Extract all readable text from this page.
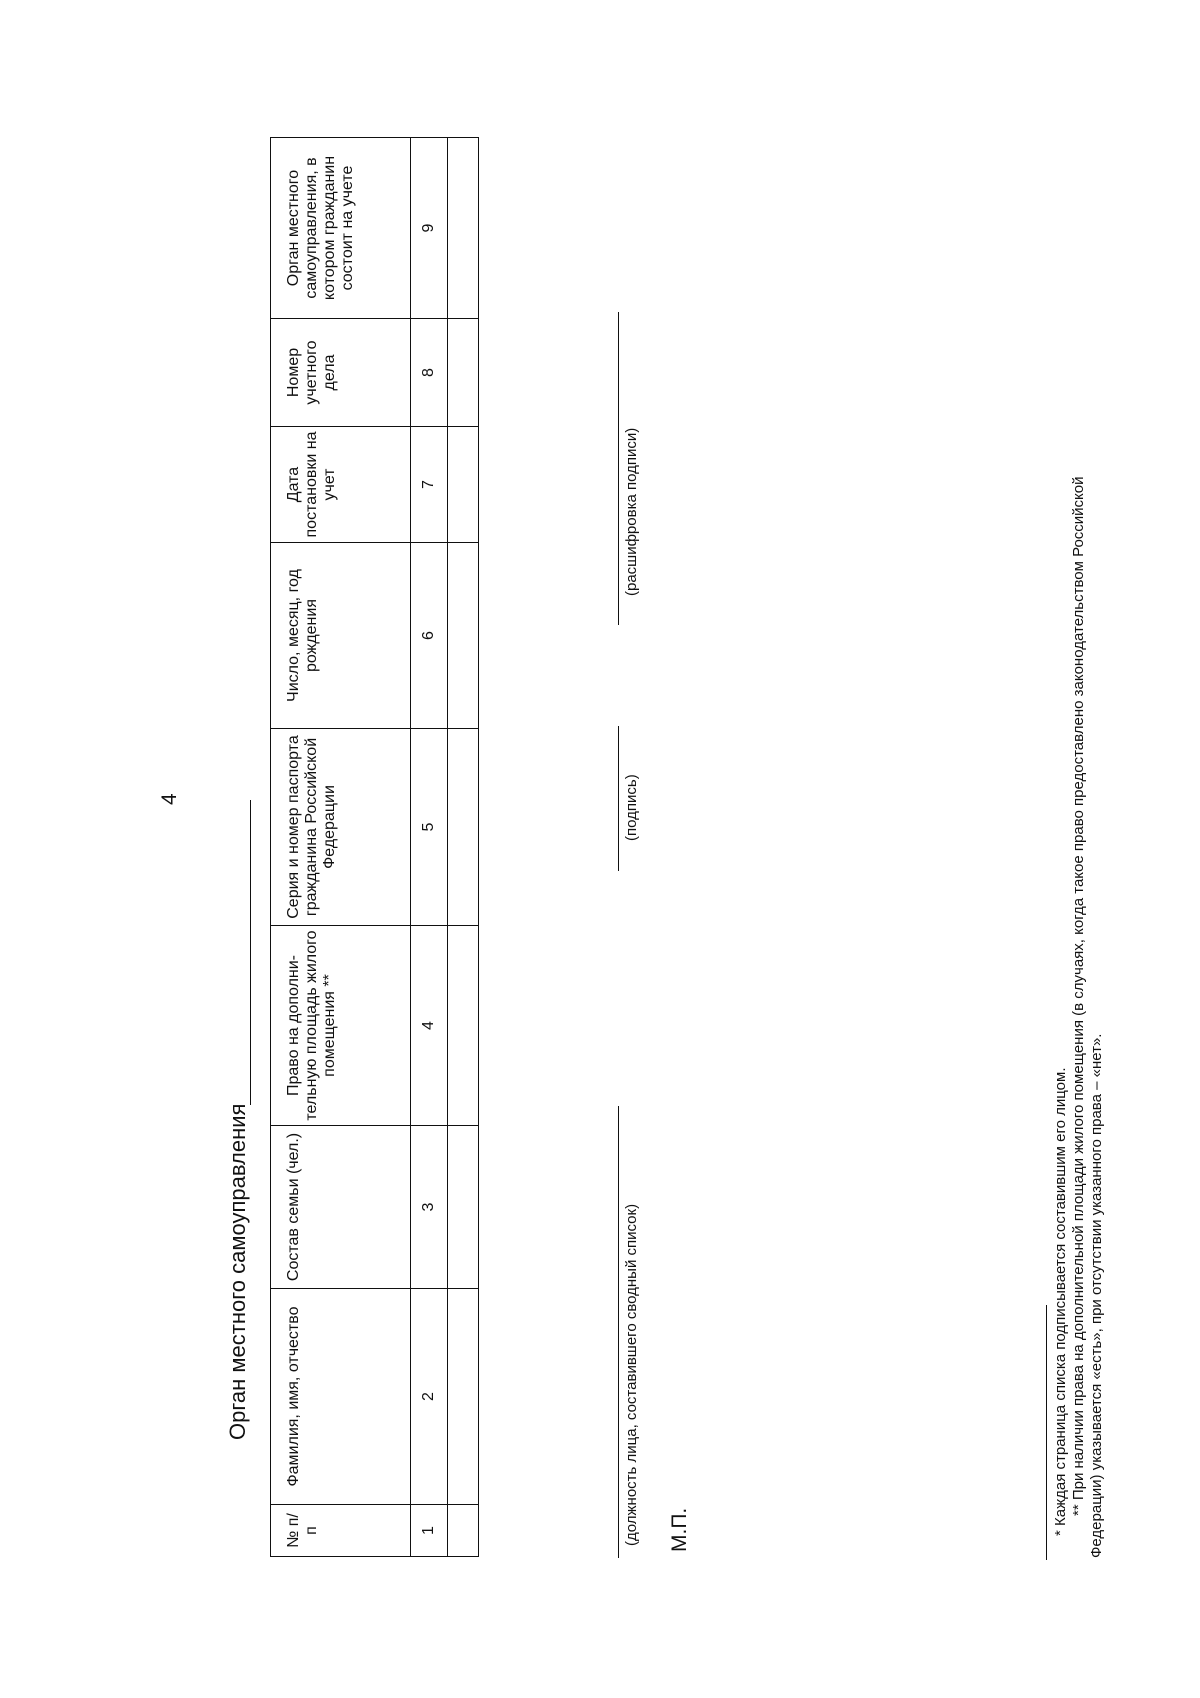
4
Орган местного самоуправления
№ п/п	Фамилия, имя, отчество	Состав семьи (чел.)	Право на дополни-тельную площадь жилого помещения **	Серия и номер паспорта гражданина Российской Федерации	Число, месяц, год рождения	Дата постановки на учет	Номер учетного дела	Орган местного самоуправления, в котором гражданин состоит на учете
1	2	3	4	5	6	7	8	9

(должность лица, составившего сводный список)
(подпись)
(расшифровка подписи)
М.П.	* Каждая страница списка подписывается составившим его лицом. ** При наличии права на дополнительной площади жилого помещения (в случаях, когда такое право предоставлено законодательством Российской Федерации) указывается «есть», при отсутствии указанного права – «нет».
